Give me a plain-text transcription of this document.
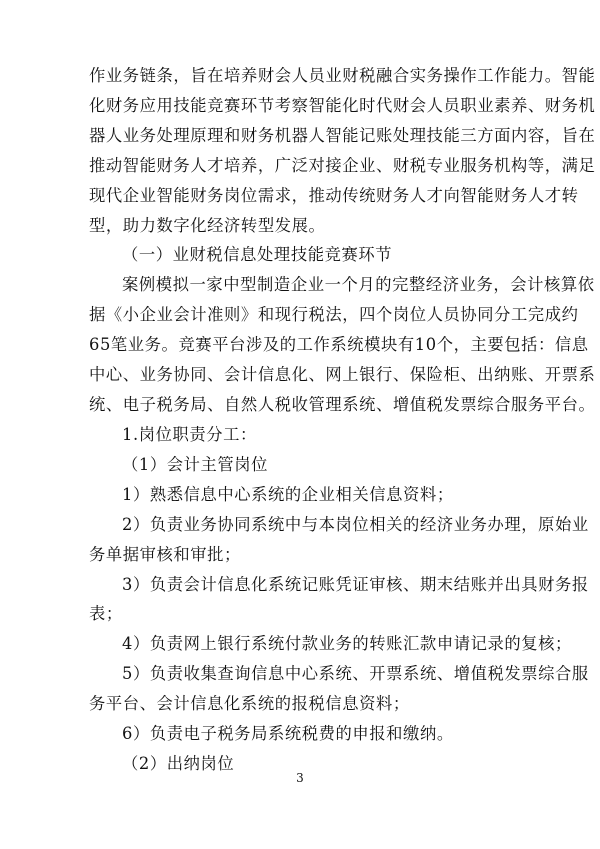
作业务链条，旨在培养财会人员业财税融合实务操作工作能力。智能
化财务应用技能竞赛环节考察智能化时代财会人员职业素养、财务机
器人业务处理原理和财务机器人智能记账处理技能三方面内容，旨在
推动智能财务人才培养，广泛对接企业、财税专业服务机构等，满足
现代企业智能财务岗位需求，推动传统财务人才向智能财务人才转
型，助力数字化经济转型发展。
（一）业财税信息处理技能竞赛环节
案例模拟一家中型制造企业一个月的完整经济业务，会计核算依
据《小企业会计准则》和现行税法，四个岗位人员协同分工完成约
65笔业务。竞赛平台涉及的工作系统模块有10个，主要包括：信息
中心、业务协同、会计信息化、网上银行、保险柜、出纳账、开票系
统、电子税务局、自然人税收管理系统、增值税发票综合服务平台。
1.岗位职责分工：
（1）会计主管岗位
1）熟悉信息中心系统的企业相关信息资料；
2）负责业务协同系统中与本岗位相关的经济业务办理，原始业
务单据审核和审批；
3）负责会计信息化系统记账凭证审核、期末结账并出具财务报
表；
4）负责网上银行系统付款业务的转账汇款申请记录的复核；
5）负责收集查询信息中心系统、开票系统、增值税发票综合服
务平台、会计信息化系统的报税信息资料；
6）负责电子税务局系统税费的申报和缴纳。
（2）出纳岗位
3
